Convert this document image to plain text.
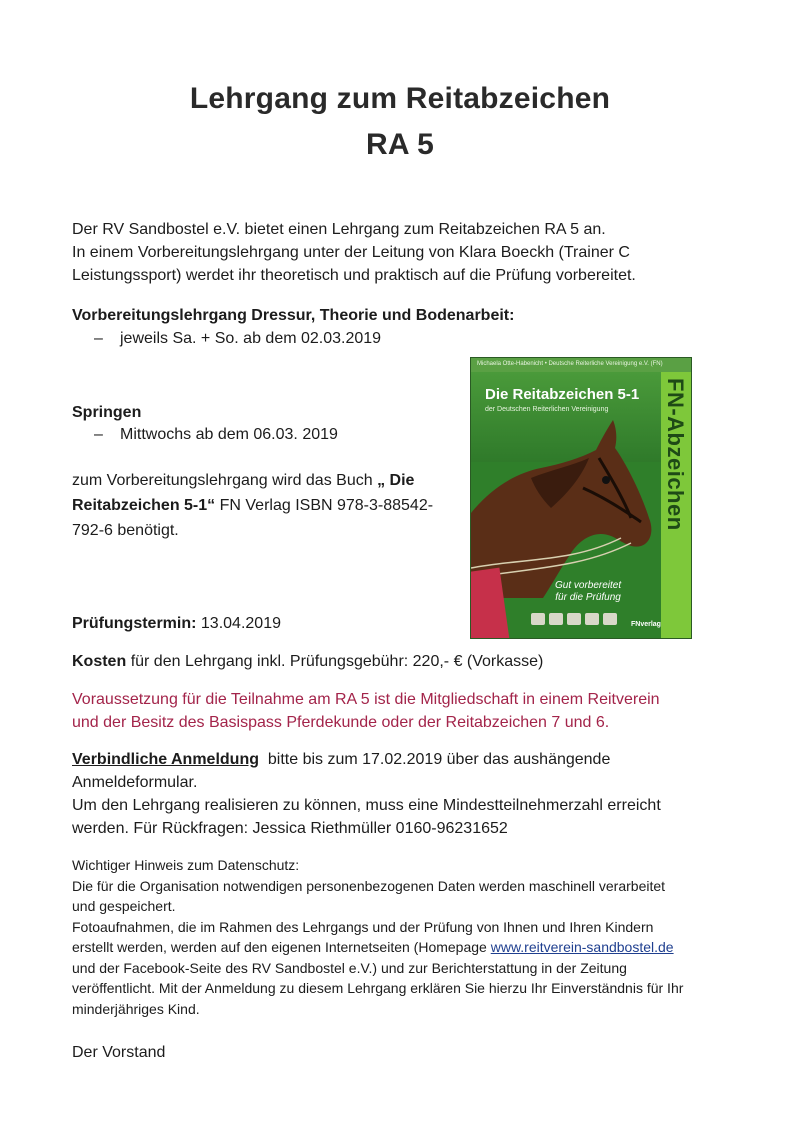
Lehrgang zum Reitabzeichen
RA 5
Der RV Sandbostel e.V. bietet einen Lehrgang zum Reitabzeichen RA 5 an.
In einem Vorbereitungslehrgang unter der Leitung von Klara Boeckh (Trainer C
Leistungssport) werdet ihr theoretisch und praktisch auf die Prüfung vorbereitet.
Vorbereitungslehrgang Dressur, Theorie und Bodenarbeit:
– jeweils Sa. + So. ab dem 02.03.2019
Springen
– Mittwochs ab dem 06.03. 2019
zum Vorbereitungslehrgang wird das Buch „ Die Reitabzeichen 5-1“ FN Verlag ISBN 978-3-88542-792-6 benötigt.
Michaela Otte-Habenicht • Deutsche Reiterliche Vereinigung e.V. (FN)
Die Reitabzeichen 5-1
der Deutschen Reiterlichen Vereinigung FN-Abzeichen
Gut vorbereitet
für die Prüfung
FNverlag
Prüfungstermin: 13.04.2019
Kosten für den Lehrgang inkl. Prüfungsgebühr: 220,- € (Vorkasse)
Voraussetzung für die Teilnahme am RA 5 ist die Mitgliedschaft in einem Reitverein
und der Besitz des Basispass Pferdekunde oder der Reitabzeichen 7 und 6.
Verbindliche Anmeldung bitte bis zum 17.02.2019 über das aushängende
Anmeldeformular.
Um den Lehrgang realisieren zu können, muss eine Mindestteilnehmerzahl erreicht
werden. Für Rückfragen: Jessica Riethmüller 0160-96231652
Wichtiger Hinweis zum Datenschutz:
Die für die Organisation notwendigen personenbezogenen Daten werden maschinell verarbeitet
und gespeichert.
Fotoaufnahmen, die im Rahmen des Lehrgangs und der Prüfung von Ihnen und Ihren Kindern
erstellt werden, werden auf den eigenen Internetseiten (Homepage www.reitverein-sandbostel.de
und der Facebook-Seite des RV Sandbostel e.V.) und zur Berichterstattung in der Zeitung
veröffentlicht. Mit der Anmeldung zu diesem Lehrgang erklären Sie hierzu Ihr Einverständnis für Ihr
minderjähriges Kind.
Der Vorstand
